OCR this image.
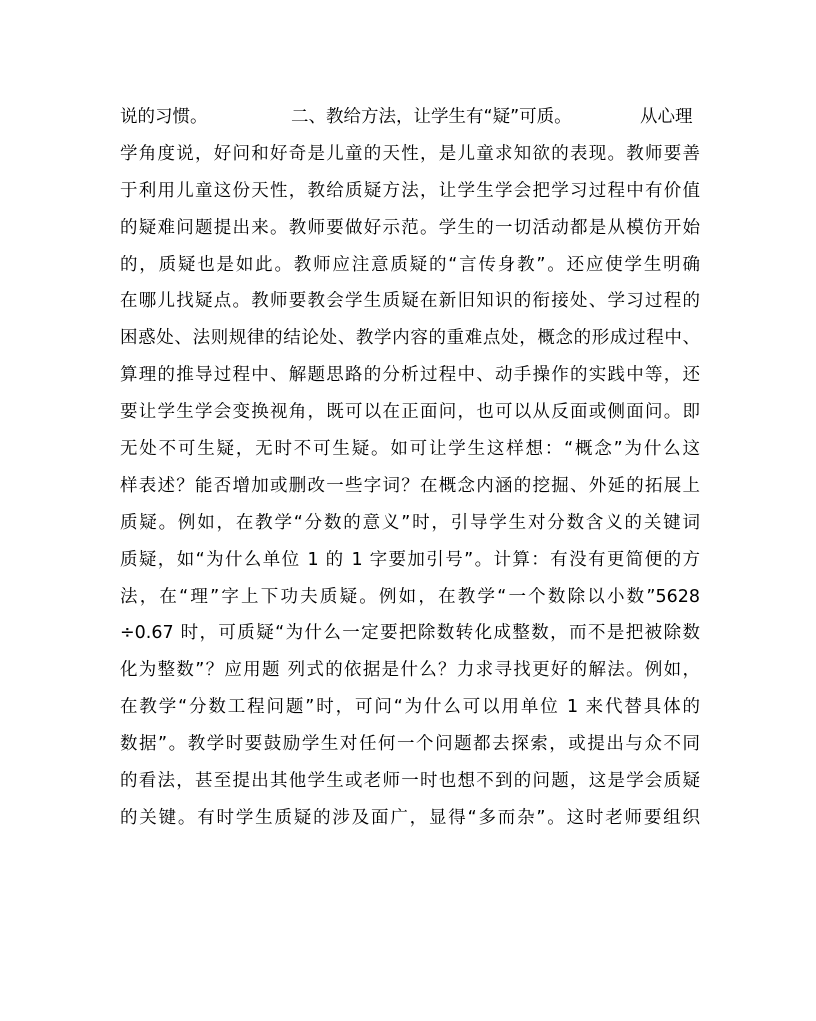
说的习惯。	二、教给方法，让学生有“疑”可质。	从心理
学角度说，好问和好奇是儿童的天性，是儿童求知欲的表现。教师要善
于利用儿童这份天性，教给质疑方法，让学生学会把学习过程中有价值
的疑难问题提出来。教师要做好示范。学生的一切活动都是从模仿开始
的，质疑也是如此。教师应注意质疑的“言传身教”。还应使学生明确
在哪儿找疑点。教师要教会学生质疑在新旧知识的衔接处、学习过程的
困惑处、法则规律的结论处、教学内容的重难点处，概念的形成过程中、
算理的推导过程中、解题思路的分析过程中、动手操作的实践中等，还
要让学生学会变换视角，既可以在正面问，也可以从反面或侧面问。即
无处不可生疑，无时不可生疑。如可让学生这样想：“概念”为什么这
样表述？能否增加或删改一些字词？在概念内涵的挖掘、外延的拓展上
质疑。例如，在教学“分数的意义”时，引导学生对分数含义的关键词
质疑，如“为什么单位 1 的 1 字要加引号”。计算：有没有更简便的方
法，在“理”字上下功夫质疑。例如，在教学“一个数除以小数”5628
÷0.67 时，可质疑“为什么一定要把除数转化成整数，而不是把被除数
化为整数”？应用题 列式的依据是什么？力求寻找更好的解法。例如，
在教学“分数工程问题”时，可问“为什么可以用单位 1 来代替具体的
数据”。教学时要鼓励学生对任何一个问题都去探索，或提出与众不同
的看法，甚至提出其他学生或老师一时也想不到的问题，这是学会质疑
的关键。有时学生质疑的涉及面广，显得“多而杂”。这时老师要组织
